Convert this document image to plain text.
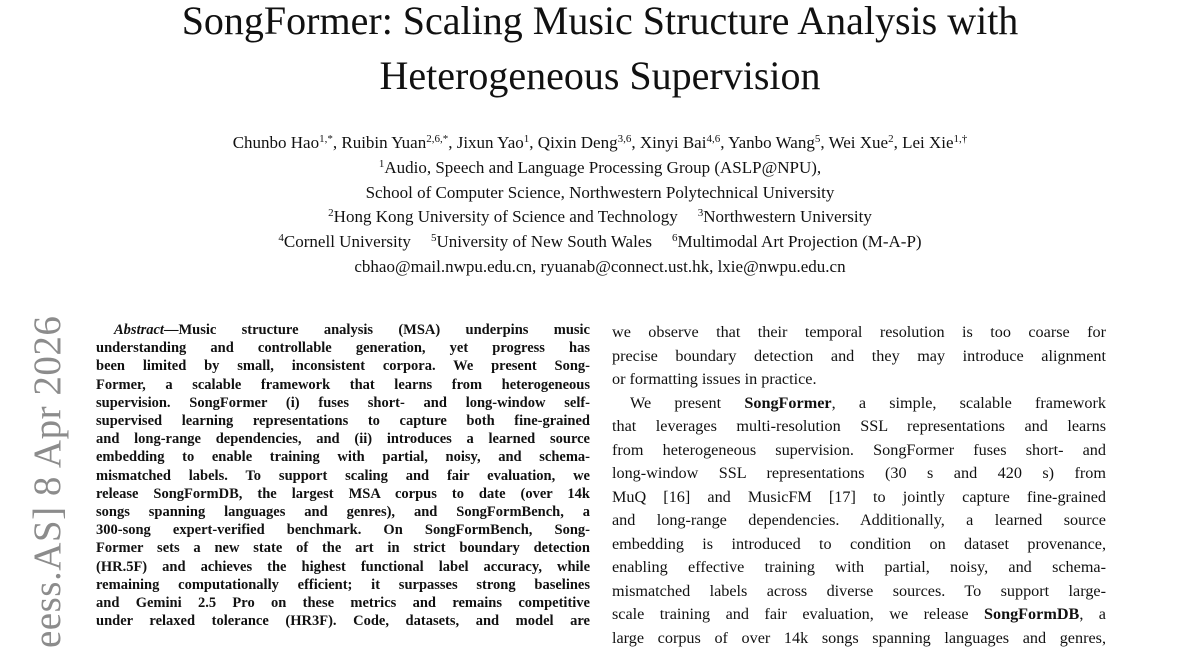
SongFormer: Scaling Music Structure Analysis with
Heterogeneous Supervision
Chunbo Hao$^{1,*}$, Ruibin Yuan$^{2,6,*}$, Jixun Yao$^1$, Qixin Deng$^{3,6}$, Xinyi Bai$^{4,6}$, Yanbo Wang$^5$, Wei Xue$^2$, Lei Xie$^{1,\dagger}$
$^1$Audio, Speech and Language Processing Group (ASLP@NPU),
School of Computer Science, Northwestern Polytechnical University
$^2$Hong Kong University of Science and Technology $^3$Northwestern University
$^4$Cornell University $^5$University of New South Wales $^6$Multimodal Art Projection (M-A-P)
cbhao@mail.nwpu.edu.cn, ryuanab@connect.ust.hk, lxie@nwpu.edu.cn
eess.AS] 8 Apr 2026	Abstract—Music structure analysis (MSA) underpins music
understanding and controllable generation, yet progress has
been limited by small, inconsistent corpora. We present Song-
Former, a scalable framework that learns from heterogeneous
supervision. SongFormer (i) fuses short- and long-window self-
supervised learning representations to capture both fine-grained
and long-range dependencies, and (ii) introduces a learned source
embedding to enable training with partial, noisy, and schema-
mismatched labels. To support scaling and fair evaluation, we
release SongFormDB, the largest MSA corpus to date (over 14k
songs spanning languages and genres), and SongFormBench, a
300-song expert-verified benchmark. On SongFormBench, Song-
Former sets a new state of the art in strict boundary detection
(HR.5F) and achieves the highest functional label accuracy, while
remaining computationally efficient; it surpasses strong baselines
and Gemini 2.5 Pro on these metrics and remains competitive
under relaxed tolerance (HR3F). Code, datasets, and model are
we observe that their temporal resolution is too coarse for
precise boundary detection and they may introduce alignment
or formatting issues in practice.
We present SongFormer, a simple, scalable framework
that leverages multi-resolution SSL representations and learns
from heterogeneous supervision. SongFormer fuses short- and
long-window SSL representations (30 s and 420 s) from
MuQ [16] and MusicFM [17] to jointly capture fine-grained
and long-range dependencies. Additionally, a learned source
embedding is introduced to condition on dataset provenance,
enabling effective training with partial, noisy, and schema-
mismatched labels across diverse sources. To support large-
scale training and fair evaluation, we release SongFormDB, a
large corpus of over 14k songs spanning languages and genres,
